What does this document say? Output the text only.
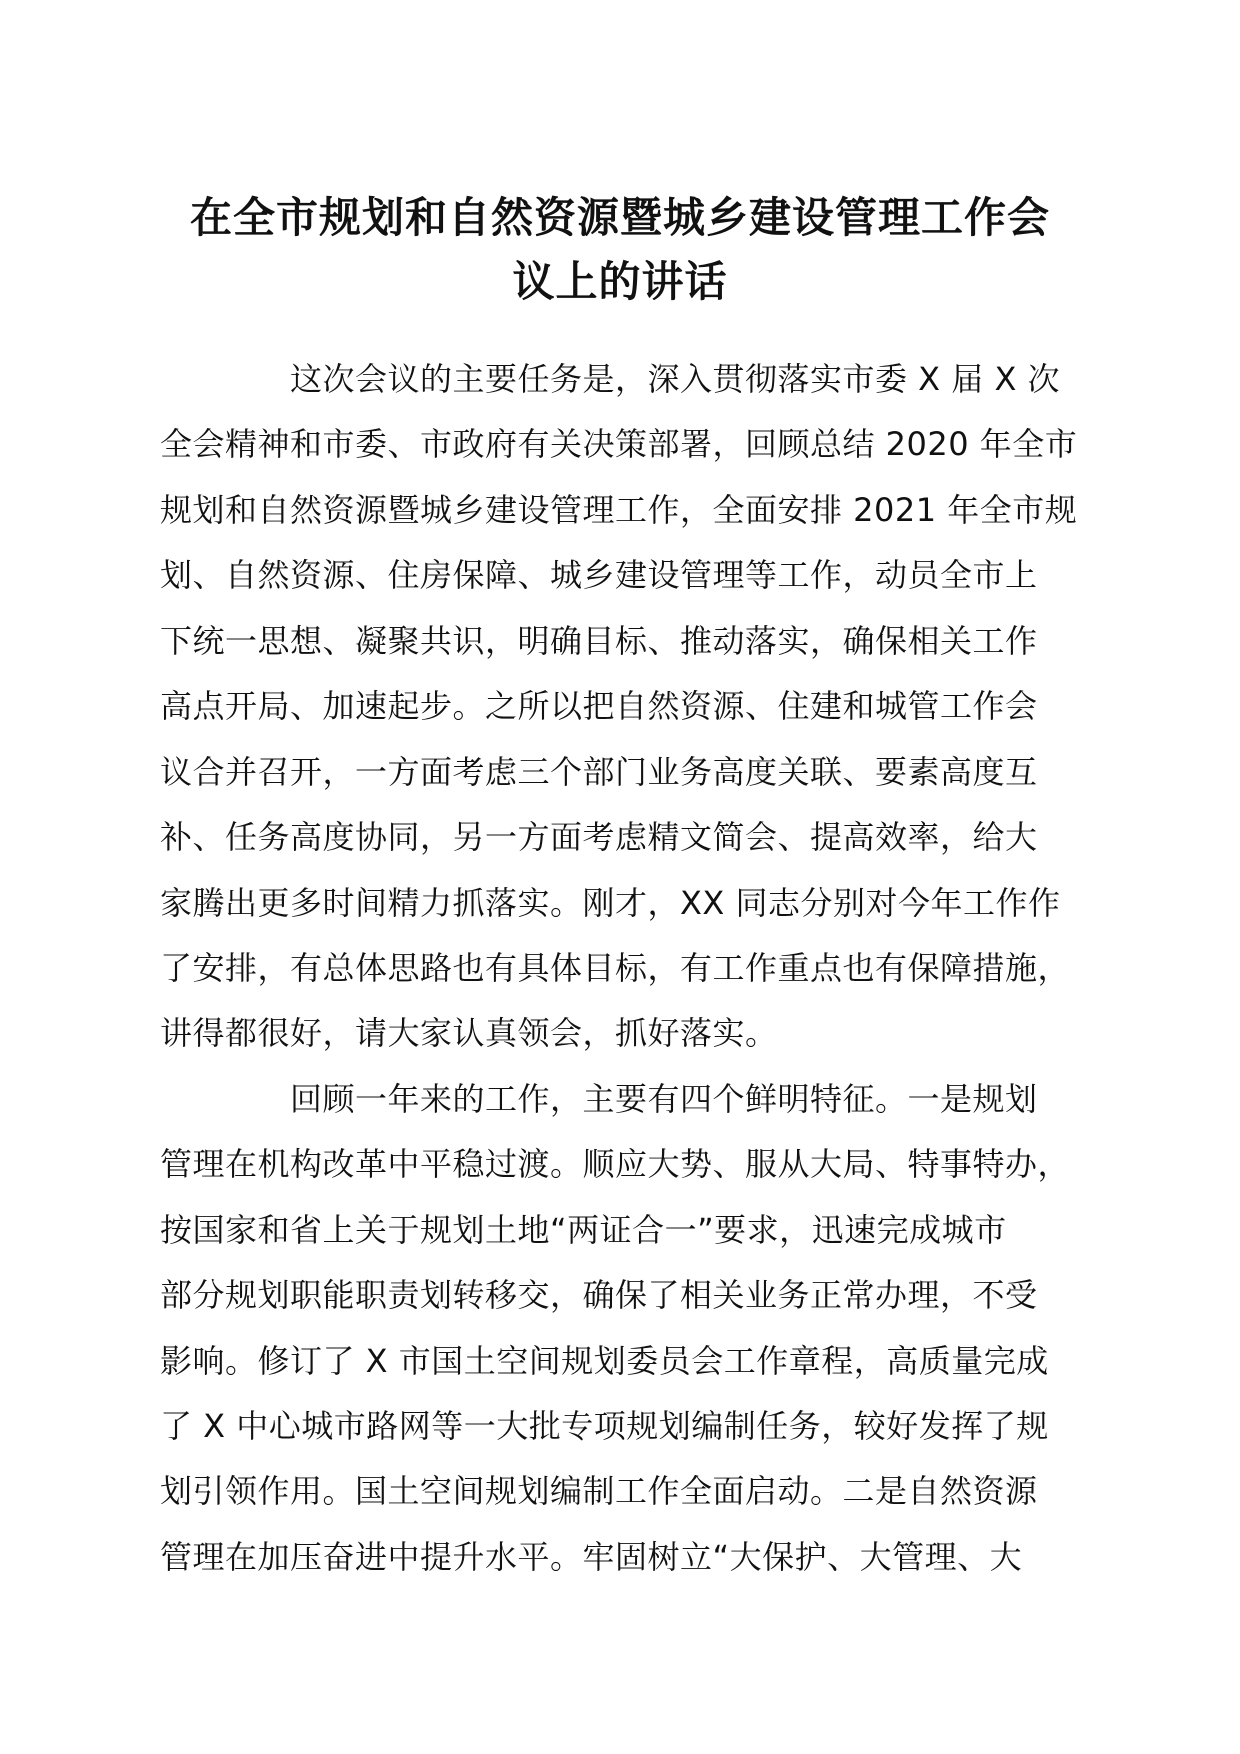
在全市规划和自然资源暨城乡建设管理工作会
议上的讲话

这次会议的主要任务是，深入贯彻落实市委 X 届 X 次
全会精神和市委、市政府有关决策部署，回顾总结 2020 年全市
规划和自然资源暨城乡建设管理工作，全面安排 2021 年全市规
划、自然资源、住房保障、城乡建设管理等工作，动员全市上
下统一思想、凝聚共识，明确目标、推动落实，确保相关工作
高点开局、加速起步。之所以把自然资源、住建和城管工作会
议合并召开，一方面考虑三个部门业务高度关联、要素高度互
补、任务高度协同，另一方面考虑精文简会、提高效率，给大
家腾出更多时间精力抓落实。刚才，XX 同志分别对今年工作作
了安排，有总体思路也有具体目标，有工作重点也有保障措施，
讲得都很好，请大家认真领会，抓好落实。

回顾一年来的工作，主要有四个鲜明特征。一是规划
管理在机构改革中平稳过渡。顺应大势、服从大局、特事特办，
按国家和省上关于规划土地“两证合一”要求，迅速完成城市
部分规划职能职责划转移交，确保了相关业务正常办理，不受
影响。修订了 X 市国土空间规划委员会工作章程，高质量完成
了 X 中心城市路网等一大批专项规划编制任务，较好发挥了规
划引领作用。国土空间规划编制工作全面启动。二是自然资源
管理在加压奋进中提升水平。牢固树立“大保护、大管理、大
